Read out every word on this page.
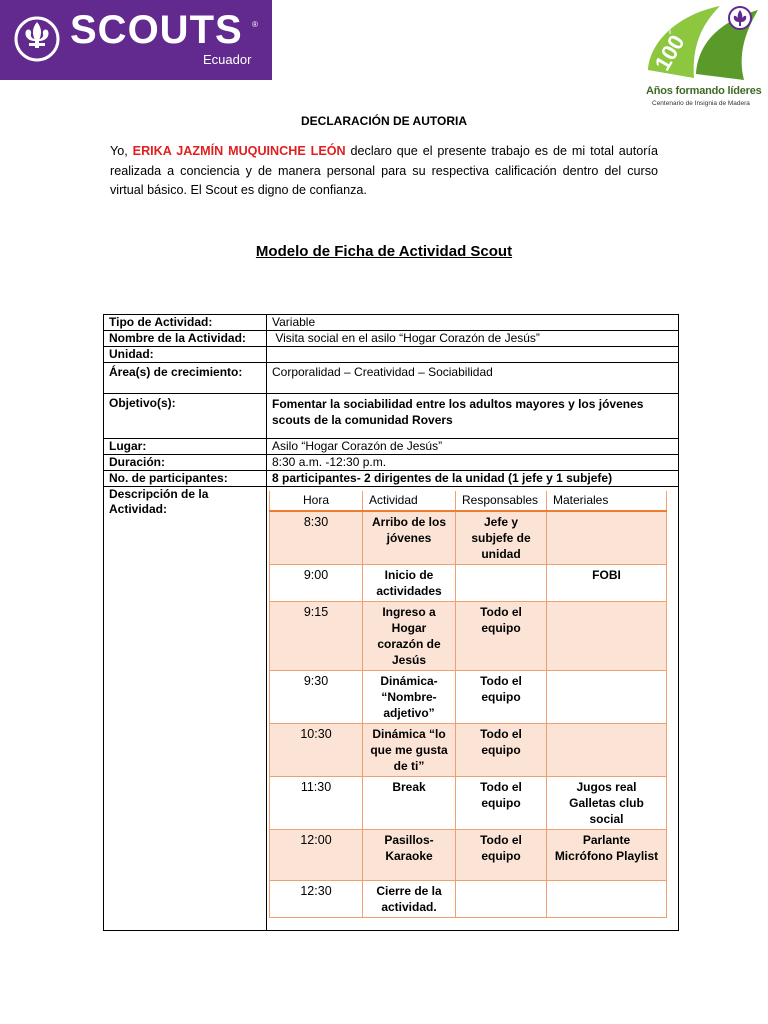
SCOUTS ®
Ecuador	100
Años formando líderes
Centenario de Insignia de Madera
DECLARACIÓN DE AUTORIA
Yo, ERIKA JAZMÍN MUQUINCHE LEÓN declaro que el presente trabajo es de mi total autoría realizada a conciencia y de manera personal para su respectiva calificación dentro del curso virtual básico. El Scout es digno de confianza.
Modelo de Ficha de Actividad Scout
Tipo de Actividad:	Variable
Nombre de la Actividad:	Visita social en el asilo “Hogar Corazón de Jesús”
Unidad:	
Área(s) de crecimiento:	Corporalidad – Creatividad – Sociabilidad
Objetivo(s):	Fomentar la sociabilidad entre los adultos mayores y los jóvenes scouts de la comunidad Rovers
Lugar:	Asilo “Hogar Corazón de Jesús”
Duración:	8:30 a.m. -12:30 p.m.
No. de participantes:	8 participantes- 2 dirigentes de la unidad (1 jefe y 1 subjefe)
Descripción de la Actividad:	
Hora	Actividad	Responsables	Materiales
8:30	Arribo de los jóvenes	Jefe y subjefe de unidad	
9:00	Inicio de actividades		FOBI
9:15	Ingreso a Hogar corazón de Jesús	Todo el equipo	
9:30	Dinámica- “Nombre- adjetivo”	Todo el equipo	
10:30	Dinámica “lo que me gusta de ti”	Todo el equipo	
11:30	Break	Todo el equipo	Jugos real Galletas club social
12:00	Pasillos- Karaoke	Todo el equipo	Parlante Micrófono Playlist
12:30	Cierre de la actividad.		
